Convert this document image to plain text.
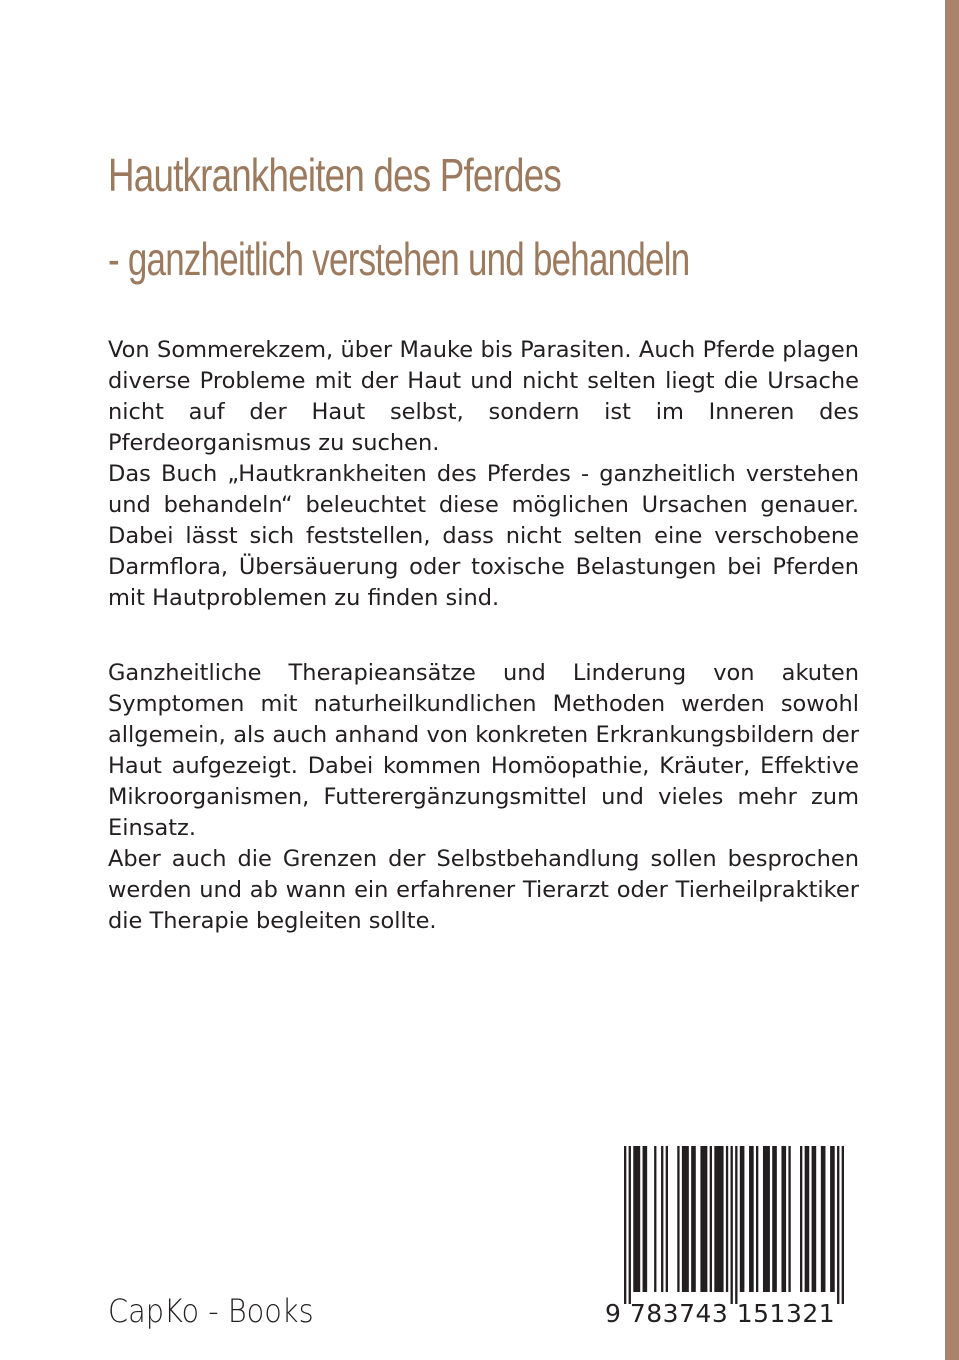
Hautkrankheiten des Pferdes
- ganzheitlich verstehen und behandeln

Von Sommerekzem, über Mauke bis Parasiten. Auch Pferde plagen diverse Probleme mit der Haut und nicht selten liegt die Ursache nicht auf der Haut selbst, sondern ist im Inneren des Pferdeorganismus zu suchen.

Das Buch „Hautkrankheiten des Pferdes - ganzheitlich verstehen und behandeln“ beleuchtet diese möglichen Ursachen genauer. Dabei lässt sich feststellen, dass nicht selten eine verschobene Darmflora, Übersäuerung oder toxische Belastungen bei Pferden mit Hautproblemen zu finden sind.

Ganzheitliche Therapieansätze und Linderung von akuten Symptomen mit naturheilkundlichen Methoden werden sowohl allgemein, als auch anhand von konkreten Erkrankungsbildern der Haut aufgezeigt. Dabei kommen Homöopathie, Kräuter, Effektive Mikroorganismen, Futterergänzungsmittel und vieles mehr zum Einsatz.

Aber auch die Grenzen der Selbstbehandlung sollen besprochen werden und ab wann ein erfahrener Tierarzt oder Tierheilpraktiker die Therapie begleiten sollte.

9 783743 151321
CapKo - Books
